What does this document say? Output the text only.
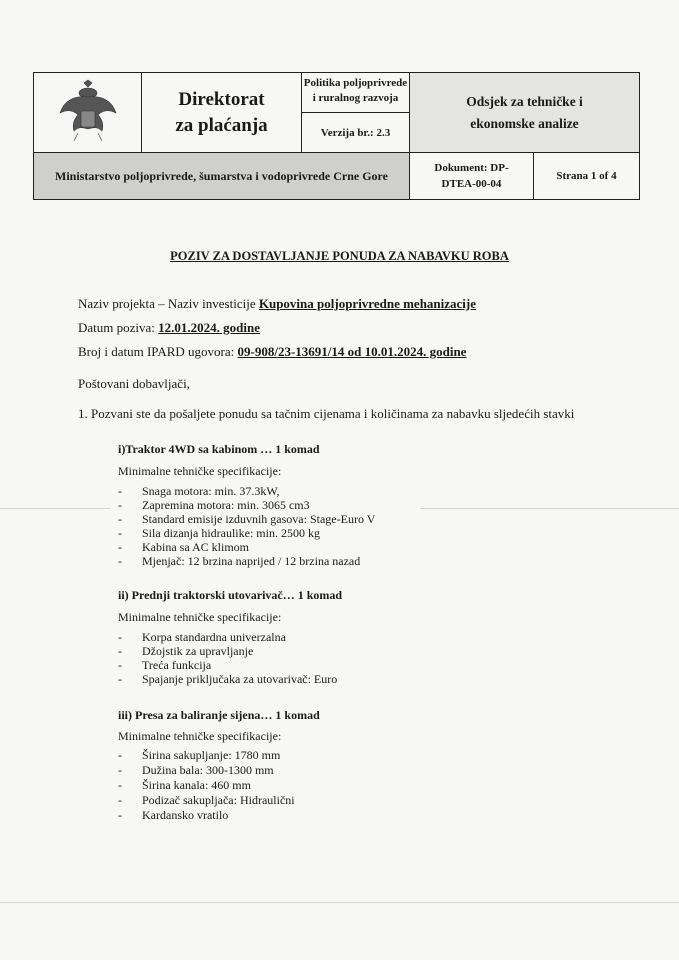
Direktorat
za plaćanja
Politika poljoprivrede i ruralnog razvoja
Verzija br.: 2.3
Odsjek za tehničke i ekonomske analize
Ministarstvo poljoprivrede, šumarstva i vodoprivrede Crne Gore
Dokument: DP-DTEA-00-04
Strana 1 of 4
POZIV ZA DOSTAVLJANJE PONUDA ZA NABAVKU ROBA
Naziv projekta – Naziv investicije Kupovina poljoprivredne mehanizacije
Datum poziva: 12.01.2024. godine
Broj i datum IPARD ugovora: 09-908/23-13691/14 od 10.01.2024. godine
Poštovani dobavljači,
1. Pozvani ste da pošaljete ponudu sa tačnim cijenama i količinama za nabavku sljedećih stavki
i)Traktor 4WD sa kabinom … 1 komad
Minimalne tehničke specifikacije:
- Snaga motora: min. 37.3kW,
- Zapremina motora: min. 3065 cm3
- Standard emisije izduvnih gasova: Stage-Euro V
- Sila dizanja hidraulike: min. 2500 kg
- Kabina sa AC klimom
- Mjenjač: 12 brzina naprijed / 12 brzina nazad
ii) Prednji traktorski utovarivač… 1 komad
Minimalne tehničke specifikacije:
- Korpa standardna univerzalna
- Džojstik za upravljanje
- Treća funkcija
- Spajanje priključaka za utovarivač: Euro
iii) Presa za baliranje sijena… 1 komad
Minimalne tehničke specifikacije:
- Širina sakupljanje: 1780 mm
- Dužina bala: 300-1300 mm
- Širina kanala: 460 mm
- Podizač sakupljača: Hidraulični
- Kardansko vratilo
